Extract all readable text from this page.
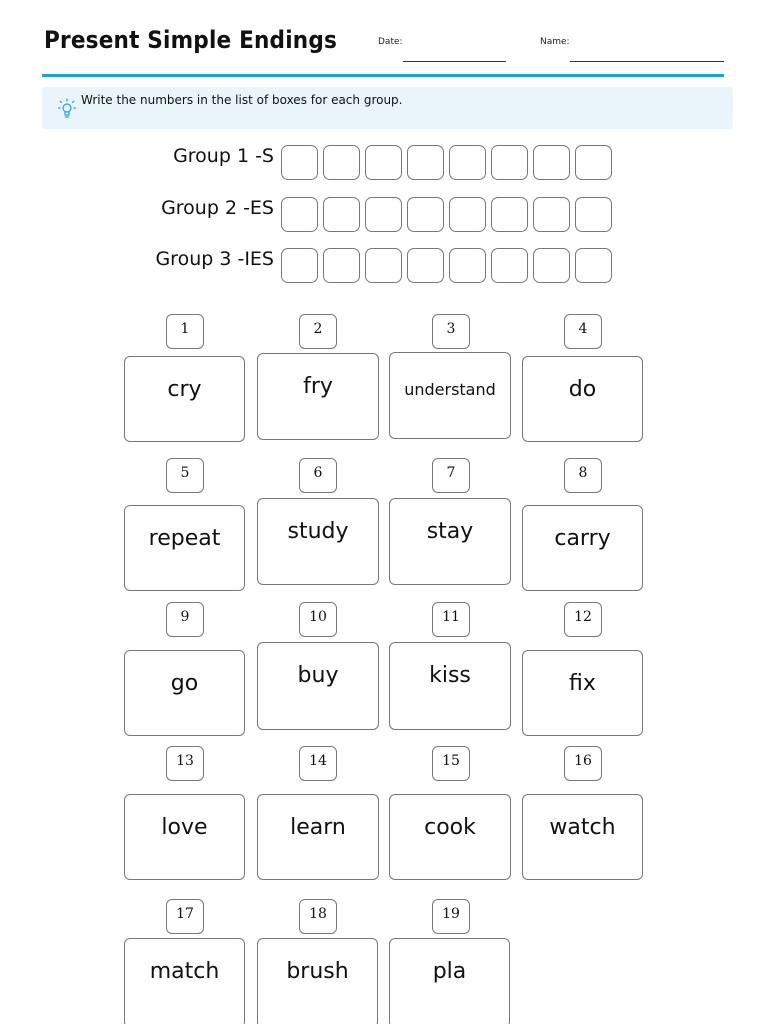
Present Simple Endings	Date:	Name:
Write the numbers in the list of boxes for each group.
Group 1 -S
Group 2 -ES
Group 3 -IES
1
cry
2
fry
3
understand
4
do
5
repeat
6
study
7
stay
8
carry
9
go
10
buy
11
kiss
12
fix
13
love
14
learn
15
cook
16
watch
17
match
18
brush
19
pla
